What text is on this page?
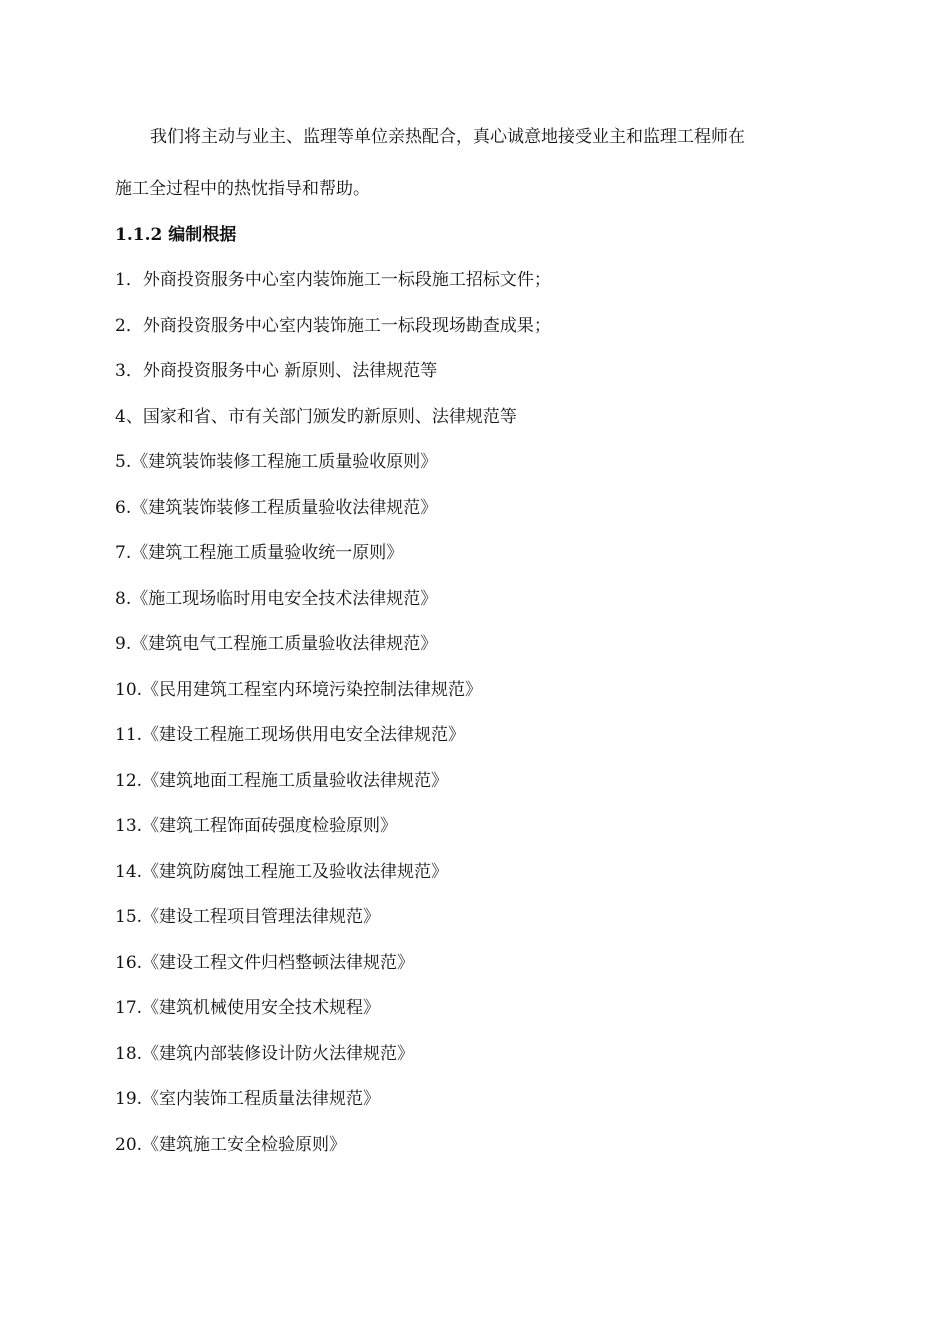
我们将主动与业主、监理等单位亲热配合，真心诚意地接受业主和监理工程师在
施工全过程中的热忱指导和帮助。
1.1.2 编制根据
1．外商投资服务中心室内装饰施工一标段施工招标文件；
2．外商投资服务中心室内装饰施工一标段现场勘查成果；
3．外商投资服务中心 新原则、法律规范等
4、国家和省、市有关部门颁发旳新原则、法律规范等
5.《建筑装饰装修工程施工质量验收原则》
6.《建筑装饰装修工程质量验收法律规范》
7.《建筑工程施工质量验收统一原则》
8.《施工现场临时用电安全技术法律规范》
9.《建筑电气工程施工质量验收法律规范》
10.《民用建筑工程室内环境污染控制法律规范》
11.《建设工程施工现场供用电安全法律规范》
12.《建筑地面工程施工质量验收法律规范》
13.《建筑工程饰面砖强度检验原则》
14.《建筑防腐蚀工程施工及验收法律规范》
15.《建设工程项目管理法律规范》
16.《建设工程文件归档整顿法律规范》
17.《建筑机械使用安全技术规程》
18.《建筑内部装修设计防火法律规范》
19.《室内装饰工程质量法律规范》
20.《建筑施工安全检验原则》
